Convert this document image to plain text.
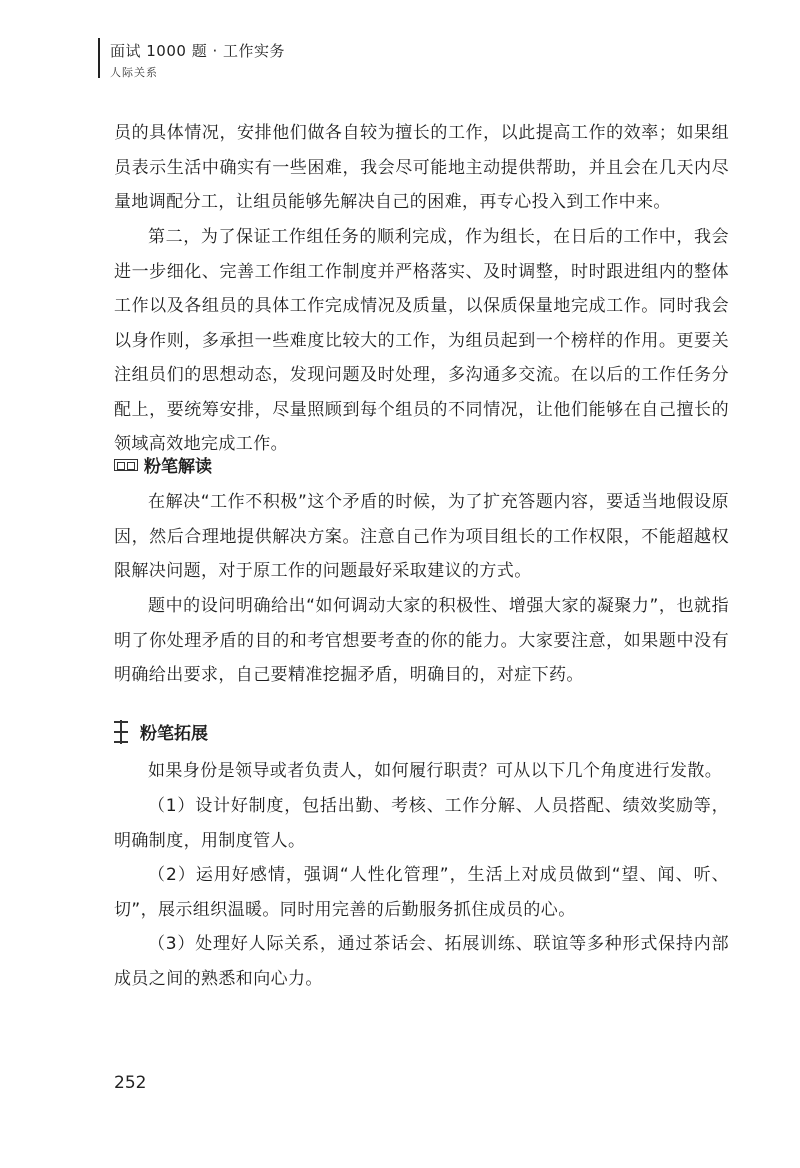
面试 1000 题 · 工作实务
人际关系

员的具体情况，安排他们做各自较为擅长的工作，以此提高工作的效率；如果组员表示生活中确实有一些困难，我会尽可能地主动提供帮助，并且会在几天内尽量地调配分工，让组员能够先解决自己的困难，再专心投入到工作中来。

第二，为了保证工作组任务的顺利完成，作为组长，在日后的工作中，我会进一步细化、完善工作组工作制度并严格落实、及时调整，时时跟进组内的整体工作以及各组员的具体工作完成情况及质量，以保质保量地完成工作。同时我会以身作则，多承担一些难度比较大的工作，为组员起到一个榜样的作用。更要关注组员们的思想动态，发现问题及时处理，多沟通多交流。在以后的工作任务分配上，要统筹安排，尽量照顾到每个组员的不同情况，让他们能够在自己擅长的领域高效地完成工作。

粉笔解读

在解决“工作不积极”这个矛盾的时候，为了扩充答题内容，要适当地假设原因，然后合理地提供解决方案。注意自己作为项目组长的工作权限，不能超越权限解决问题，对于原工作的问题最好采取建议的方式。

题中的设问明确给出“如何调动大家的积极性、增强大家的凝聚力”，也就指明了你处理矛盾的目的和考官想要考查的你的能力。大家要注意，如果题中没有明确给出要求，自己要精准挖掘矛盾，明确目的，对症下药。

粉笔拓展

如果身份是领导或者负责人，如何履行职责？可从以下几个角度进行发散。

（1）设计好制度，包括出勤、考核、工作分解、人员搭配、绩效奖励等，明确制度，用制度管人。

（2）运用好感情，强调“人性化管理”，生活上对成员做到“望、闻、听、切”，展示组织温暖。同时用完善的后勤服务抓住成员的心。

（3）处理好人际关系，通过茶话会、拓展训练、联谊等多种形式保持内部成员之间的熟悉和向心力。

252
